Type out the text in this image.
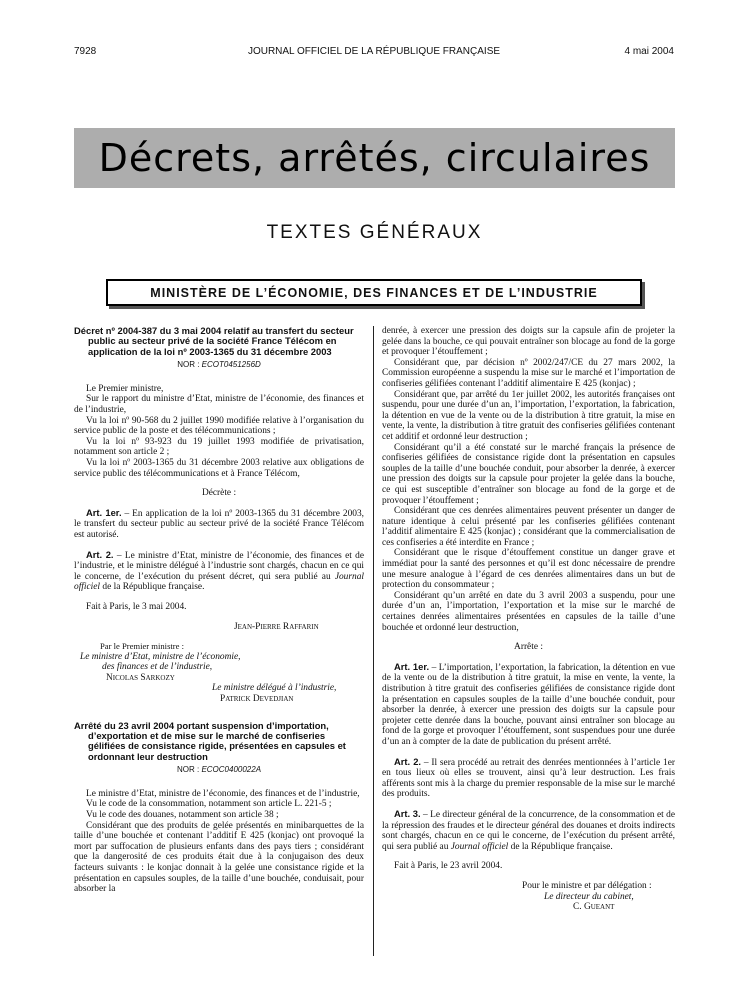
7928	JOURNAL OFFICIEL DE LA RÉPUBLIQUE FRANÇAISE	4 mai 2004
Décrets, arrêtés, circulaires
TEXTES GÉNÉRAUX
MINISTÈRE DE L’ÉCONOMIE, DES FINANCES ET DE L’INDUSTRIE
Décret nº 2004-387 du 3 mai 2004 relatif au transfert du secteur public au secteur privé de la société France Télécom en application de la loi nº 2003-1365 du 31 décembre 2003
NOR : ECOT0451256D

Le Premier ministre,

Sur le rapport du ministre d’Etat, ministre de l’économie, des finances et de l’industrie,

Vu la loi nº 90-568 du 2 juillet 1990 modifiée relative à l’organisation du service public de la poste et des télécommunications ;

Vu la loi nº 93-923 du 19 juillet 1993 modifiée de privatisation, notamment son article 2 ;

Vu la loi nº 2003-1365 du 31 décembre 2003 relative aux obligations de service public des télécommunications et à France Télécom,

Décrète :

Art. 1er. – En application de la loi nº 2003-1365 du 31 décembre 2003, le transfert du secteur public au secteur privé de la société France Télécom est autorisé.

Art. 2. – Le ministre d’Etat, ministre de l’économie, des finances et de l’industrie, et le ministre délégué à l’industrie sont chargés, chacun en ce qui le concerne, de l’exécution du présent décret, qui sera publié au Journal officiel de la République française.

Fait à Paris, le 3 mai 2004.

Jean-Pierre Raffarin

Par le Premier ministre :

Le ministre d’Etat, ministre de l’économie,

des finances et de l’industrie,

Nicolas Sarkozy

Le ministre délégué à l’industrie,

Patrick Devedjian

Arrêté du 23 avril 2004 portant suspension d’importation, d’exportation et de mise sur le marché de confiseries gélifiées de consistance rigide, présentées en capsules et ordonnant leur destruction
NOR : ECOC0400022A

Le ministre d’Etat, ministre de l’économie, des finances et de l’industrie,

Vu le code de la consommation, notamment son article L. 221-5 ;

Vu le code des douanes, notamment son article 38 ;

Considérant que des produits de gelée présentés en minibarquettes de la taille d’une bouchée et contenant l’additif E 425 (konjac) ont provoqué la mort par suffocation de plusieurs enfants dans des pays tiers ; considérant que la dangerosité de ces produits était due à la conjugaison des deux facteurs suivants : le konjac donnait à la gelée une consistance rigide et la présentation en capsules souples, de la taille d’une bouchée, conduisait, pour absorber la

denrée, à exercer une pression des doigts sur la capsule afin de projeter la gelée dans la bouche, ce qui pouvait entraîner son blocage au fond de la gorge et provoquer l’étouffement ;

Considérant que, par décision nº 2002/247/CE du 27 mars 2002, la Commission européenne a suspendu la mise sur le marché et l’importation de confiseries gélifiées contenant l’additif alimentaire E 425 (konjac) ;

Considérant que, par arrêté du 1er juillet 2002, les autorités françaises ont suspendu, pour une durée d’un an, l’importation, l’exportation, la fabrication, la détention en vue de la vente ou de la distribution à titre gratuit, la mise en vente, la vente, la distribution à titre gratuit des confiseries gélifiées contenant cet additif et ordonné leur destruction ;

Considérant qu’il a été constaté sur le marché français la présence de confiseries gélifiées de consistance rigide dont la présentation en capsules souples de la taille d’une bouchée conduit, pour absorber la denrée, à exercer une pression des doigts sur la capsule pour projeter la gelée dans la bouche, ce qui est susceptible d’entraîner son blocage au fond de la gorge et de provoquer l’étouffement ;

Considérant que ces denrées alimentaires peuvent présenter un danger de nature identique à celui présenté par les confiseries gélifiées contenant l’additif alimentaire E 425 (konjac) ; considérant que la commercialisation de ces confiseries a été interdite en France ;

Considérant que le risque d’étouffement constitue un danger grave et immédiat pour la santé des personnes et qu’il est donc nécessaire de prendre une mesure analogue à l’égard de ces denrées alimentaires dans un but de protection du consommateur ;

Considérant qu’un arrêté en date du 3 avril 2003 a suspendu, pour une durée d’un an, l’importation, l’exportation et la mise sur le marché de certaines denrées alimentaires présentées en capsules de la taille d’une bouchée et ordonné leur destruction,

Arrête :

Art. 1er. – L’importation, l’exportation, la fabrication, la détention en vue de la vente ou de la distribution à titre gratuit, la mise en vente, la vente, la distribution à titre gratuit des confiseries gélifiées de consistance rigide dont la présentation en capsules souples de la taille d’une bouchée conduit, pour absorber la denrée, à exercer une pression des doigts sur la capsule pour projeter cette denrée dans la bouche, pouvant ainsi entraîner son blocage au fond de la gorge et provoquer l’étouffement, sont suspendues pour une durée d’un an à compter de la date de publication du présent arrêté.

Art. 2. – Il sera procédé au retrait des denrées mentionnées à l’article 1er en tous lieux où elles se trouvent, ainsi qu’à leur destruction. Les frais afférents sont mis à la charge du premier responsable de la mise sur le marché des produits.

Art. 3. – Le directeur général de la concurrence, de la consommation et de la répression des fraudes et le directeur général des douanes et droits indirects sont chargés, chacun en ce qui le concerne, de l’exécution du présent arrêté, qui sera publié au Journal officiel de la République française.

Fait à Paris, le 23 avril 2004.

Pour le ministre et par délégation :

Le directeur du cabinet,

C. Gueant
